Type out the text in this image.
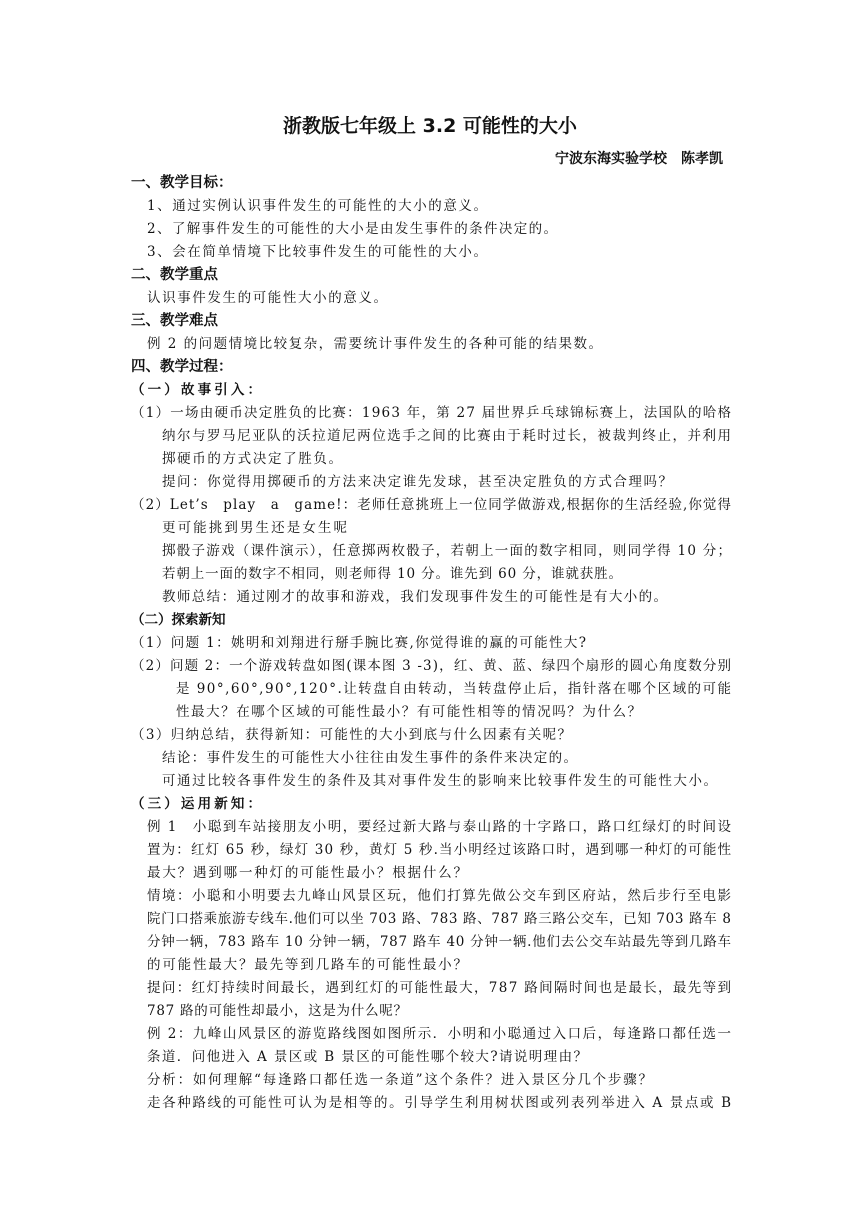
浙教版七年级上 3.2 可能性的大小
宁波东海实验学校　陈孝凯
一、教学目标：
1、通过实例认识事件发生的可能性的大小的意义。
2、了解事件发生的可能性的大小是由发生事件的条件决定的。
3、会在简单情境下比较事件发生的可能性的大小。
二、教学重点
认识事件发生的可能性大小的意义。
三、教学难点
例 2 的问题情境比较复杂，需要统计事件发生的各种可能的结果数。
四、教学过程：
（一）故事引入：
（1）一场由硬币决定胜负的比赛：1963 年，第 27 届世界乒乓球锦标赛上，法国队的哈格
纳尔与罗马尼亚队的沃拉道尼两位选手之间的比赛由于耗时过长，被裁判终止，并利用
掷硬币的方式决定了胜负。
提问：你觉得用掷硬币的方法来决定谁先发球，甚至决定胜负的方式合理吗？
（2）Let’s　play　a　game!：老师任意挑班上一位同学做游戏,根据你的生活经验,你觉得
更可能挑到男生还是女生呢
掷骰子游戏（课件演示），任意掷两枚骰子，若朝上一面的数字相同，则同学得 10 分；
若朝上一面的数字不相同，则老师得 10 分。谁先到 60 分，谁就获胜。
教师总结：通过刚才的故事和游戏，我们发现事件发生的可能性是有大小的。
（二）探索新知
（1）问题 1：姚明和刘翔进行掰手腕比赛,你觉得谁的赢的可能性大?
（2）问题 2：一个游戏转盘如图(课本图 3 -3)，红、黄、蓝、绿四个扇形的圆心角度数分别
是 90°,60°,90°,120°.让转盘自由转动，当转盘停止后，指针落在哪个区域的可能
性最大？在哪个区域的可能性最小？有可能性相等的情况吗？为什么？
（3）归纳总结，获得新知：可能性的大小到底与什么因素有关呢？
结论：事件发生的可能性大小往往由发生事件的条件来决定的。
可通过比较各事件发生的条件及其对事件发生的影响来比较事件发生的可能性大小。
（三）运用新知：
例 1　小聪到车站接朋友小明，要经过新大路与泰山路的十字路口，路口红绿灯的时间设
置为：红灯 65 秒，绿灯 30 秒，黄灯 5 秒.当小明经过该路口时，遇到哪一种灯的可能性
最大？遇到哪一种灯的可能性最小？根据什么？
情境：小聪和小明要去九峰山风景区玩，他们打算先做公交车到区府站，然后步行至电影
院门口搭乘旅游专线车.他们可以坐 703 路、783 路、787 路三路公交车，已知 703 路车 8
分钟一辆，783 路车 10 分钟一辆，787 路车 40 分钟一辆.他们去公交车站最先等到几路车
的可能性最大？最先等到几路车的可能性最小？
提问：红灯持续时间最长，遇到红灯的可能性最大，787 路间隔时间也是最长，最先等到
787 路的可能性却最小，这是为什么呢？
例 2：九峰山风景区的游览路线图如图所示．小明和小聪通过入口后，每逢路口都任选一
条道．问他进入 A 景区或 B 景区的可能性哪个较大?请说明理由？
分析：如何理解“每逢路口都任选一条道”这个条件？进入景区分几个步骤？
走各种路线的可能性可认为是相等的。引导学生利用树状图或列表列举进入 A 景点或 B
